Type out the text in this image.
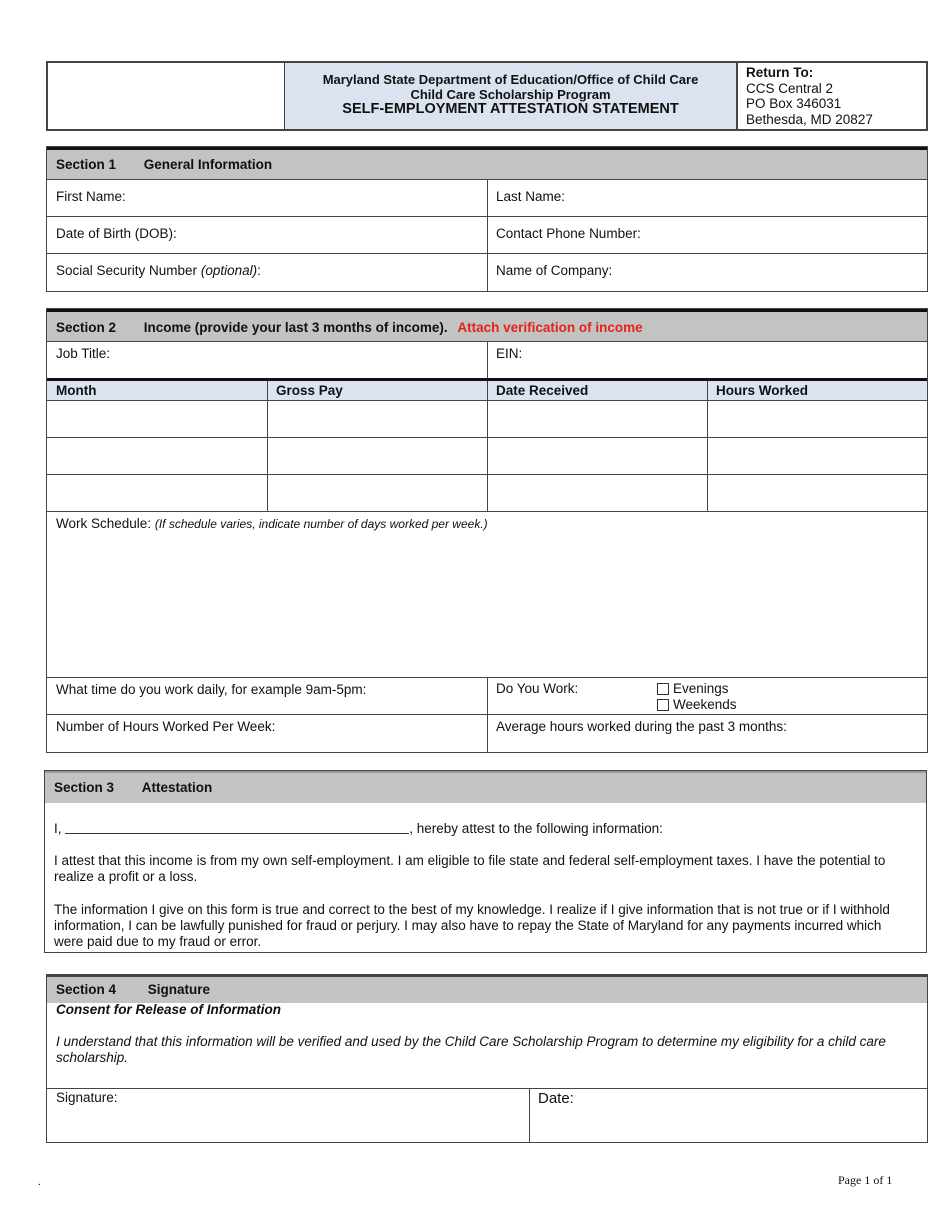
Maryland State Department of Education/Office of Child Care
Child Care Scholarship Program
SELF-EMPLOYMENT ATTESTATION STATEMENT
Return To:
CCS Central 2
PO Box 346031
Bethesda, MD 20827
Section 1 General Information
First Name:	Last Name:
Date of Birth (DOB):	Contact Phone Number:
Social Security Number (optional):	Name of Company:
Section 2 Income (provide your last 3 months of income). Attach verification of income
Job Title:	EIN:
Month	Gross Pay	Date Received	Hours Worked
Work Schedule: (If schedule varies, indicate number of days worked per week.)
What time do you work daily, for example 9am-5pm:	Do You Work:	Evenings
Weekends
Number of Hours Worked Per Week:	Average hours worked during the past 3 months:
Section 3 Attestation
I,	, hereby attest to the following information:
I attest that this income is from my own self-employment. I am eligible to file state and federal self-employment taxes. I have the potential to realize a profit or a loss.
The information I give on this form is true and correct to the best of my knowledge. I realize if I give information that is not true or if I withhold information, I can be lawfully punished for fraud or perjury. I may also have to repay the State of Maryland for any payments incurred which were paid due to my fraud or error.
Section 4 Signature
Consent for Release of Information
I understand that this information will be verified and used by the Child Care Scholarship Program to determine my eligibility for a child care scholarship.
Signature:	Date:
.	Page 1 of 1
